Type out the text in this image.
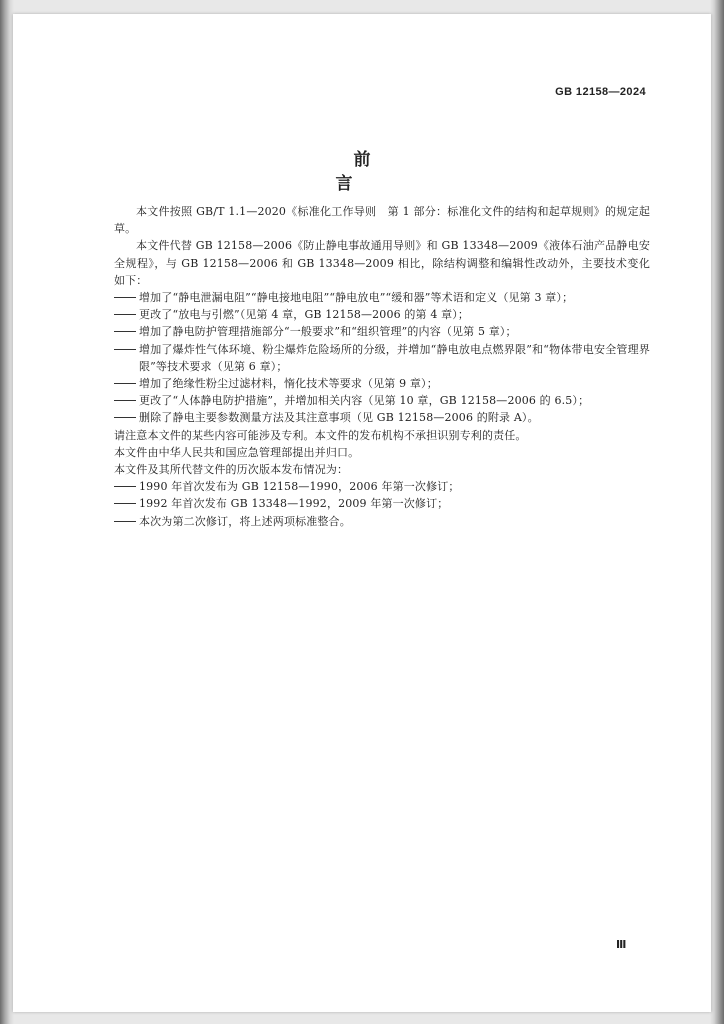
GB 12158—2024
前言

本文件按照 GB/T 1.1—2020《标准化工作导则　第 1 部分：标准化文件的结构和起草规则》的规定起草。

本文件代替 GB 12158—2006《防止静电事故通用导则》和 GB 13348—2009《液体石油产品静电安全规程》，与 GB 12158—2006 和 GB 13348—2009 相比，除结构调整和编辑性改动外，主要技术变化如下：

增加了“静电泄漏电阻”“静电接地电阻”“静电放电”“缓和器”等术语和定义（见第 3 章）；
更改了“放电与引燃”（见第 4 章，GB 12158—2006 的第 4 章）；
增加了静电防护管理措施部分“一般要求”和“组织管理”的内容（见第 5 章）；
增加了爆炸性气体环境、粉尘爆炸危险场所的分级，并增加“静电放电点燃界限”和“物体带电安全管理界限”等技术要求（见第 6 章）；
增加了绝缘性粉尘过滤材料，惰化技术等要求（见第 9 章）；
更改了“人体静电防护措施”，并增加相关内容（见第 10 章，GB 12158—2006 的 6.5）；
删除了静电主要参数测量方法及其注意事项（见 GB 12158—2006 的附录 A）。

请注意本文件的某些内容可能涉及专利。本文件的发布机构不承担识别专利的责任。

本文件由中华人民共和国应急管理部提出并归口。

本文件及其所代替文件的历次版本发布情况为：

1990 年首次发布为 GB 12158—1990，2006 年第一次修订；
1992 年首次发布 GB 13348—1992，2009 年第一次修订；
本次为第二次修订，将上述两项标准整合。
Ⅲ
